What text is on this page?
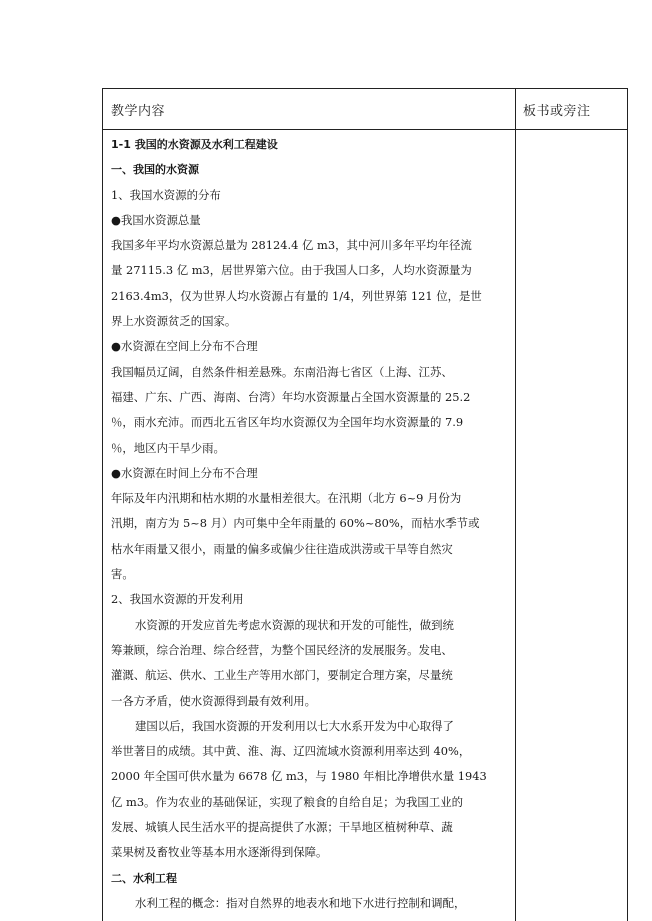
教学内容	板书或旁注
1-1 我国的水资源及水利工程建设
一、我国的水资源
1、我国水资源的分布
●我国水资源总量
我国多年平均水资源总量为 28124.4 亿 m3，其中河川多年平均年径流
量 27115.3 亿 m3，居世界第六位。由于我国人口多，人均水资源量为
2163.4m3，仅为世界人均水资源占有量的 1/4，列世界第 121 位，是世
界上水资源贫乏的国家。
●水资源在空间上分布不合理
我国幅员辽阔，自然条件相差悬殊。东南沿海七省区（上海、江苏、
福建、广东、广西、海南、台湾）年均水资源量占全国水资源量的 25.2
％，雨水充沛。而西北五省区年均水资源仅为全国年均水资源量的 7.9
％，地区内干旱少雨。
●水资源在时间上分布不合理
年际及年内汛期和枯水期的水量相差很大。在汛期（北方 6~9 月份为
汛期，南方为 5~8 月）内可集中全年雨量的 60%~80%，而枯水季节或
枯水年雨量又很小，雨量的偏多或偏少往往造成洪涝或干旱等自然灾
害。
2、我国水资源的开发利用
水资源的开发应首先考虑水资源的现状和开发的可能性，做到统
筹兼顾，综合治理、综合经营，为整个国民经济的发展服务。发电、
灌溉、航运、供水、工业生产等用水部门，要制定合理方案，尽量统
一各方矛盾，使水资源得到最有效利用。
建国以后，我国水资源的开发利用以七大水系开发为中心取得了
举世著目的成绩。其中黄、淮、海、辽四流域水资源利用率达到 40%，
2000 年全国可供水量为 6678 亿 m3，与 1980 年相比净增供水量 1943
亿 m3。作为农业的基础保证，实现了粮食的自给自足；为我国工业的
发展、城镇人民生活水平的提高提供了水源；干旱地区植树种草、蔬
菜果树及畜牧业等基本用水逐渐得到保障。
二、水利工程
水利工程的概念：指对自然界的地表水和地下水进行控制和调配，
